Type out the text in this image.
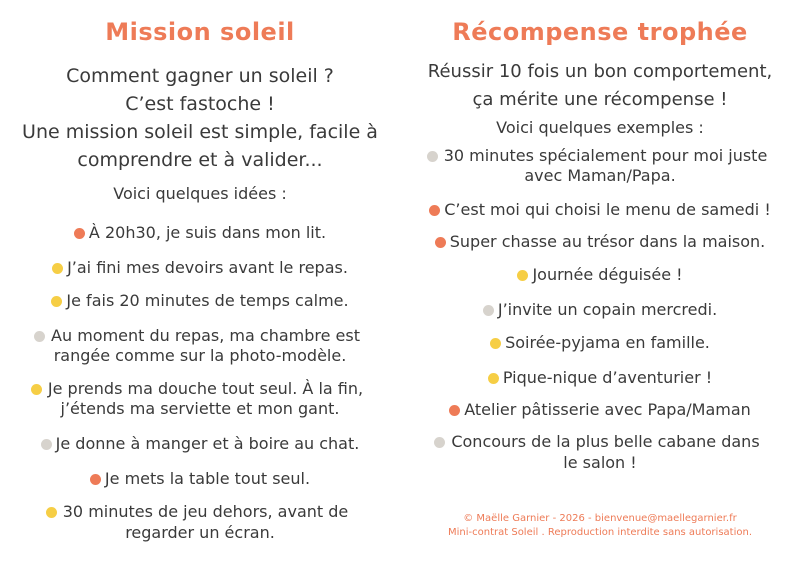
Mission soleil
Comment gagner un soleil ?
C’est fastoche !
Une mission soleil est simple, facile à
comprendre et à valider...
Voici quelques idées :
À 20h30, je suis dans mon lit.
J’ai fini mes devoirs avant le repas.
Je fais 20 minutes de temps calme.
Au moment du repas, ma chambre est
rangée comme sur la photo-modèle.
Je prends ma douche tout seul. À la fin,
j’étends ma serviette et mon gant.
Je donne à manger et à boire au chat.
Je mets la table tout seul.
30 minutes de jeu dehors, avant de
regarder un écran.
Récompense trophée
Réussir 10 fois un bon comportement,
ça mérite une récompense !
Voici quelques exemples :
30 minutes spécialement pour moi juste
avec Maman/Papa.
C’est moi qui choisi le menu de samedi !
Super chasse au trésor dans la maison.
Journée déguisée !
J’invite un copain mercredi.
Soirée-pyjama en famille.
Pique-nique d’aventurier !
Atelier pâtisserie avec Papa/Maman
Concours de la plus belle cabane dans
le salon !
© Maëlle Garnier - 2026 - bienvenue@maellegarnier.fr
Mini-contrat Soleil . Reproduction interdite sans autorisation.
